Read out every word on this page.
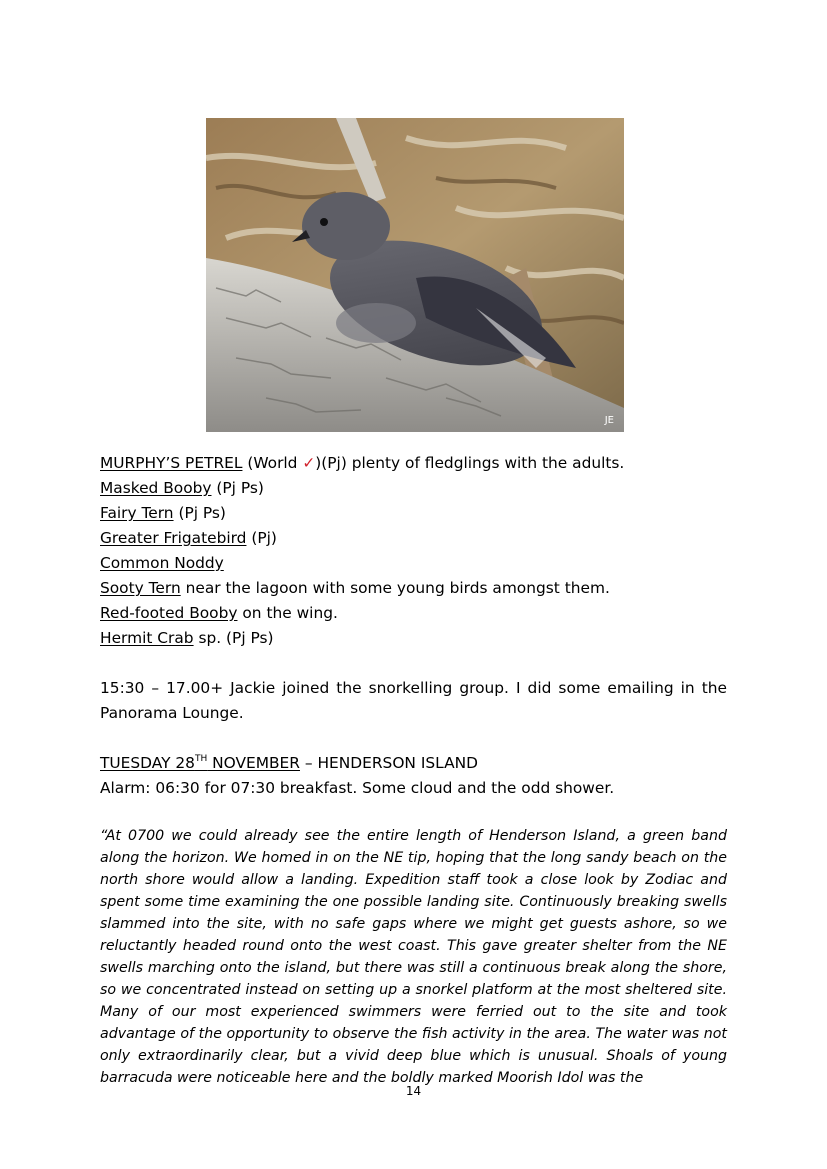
JE
MURPHY’S PETREL (World ✓)(Pj) plenty of fledglings with the adults.
Masked Booby (Pj Ps)
Fairy Tern (Pj Ps)
Greater Frigatebird (Pj)
Common Noddy
Sooty Tern near the lagoon with some young birds amongst them.
Red-footed Booby on the wing.
Hermit Crab sp. (Pj Ps)
15:30 – 17.00+ Jackie joined the snorkelling group. I did some emailing in the Panorama Lounge.
TUESDAY 28TH NOVEMBER – HENDERSON ISLAND
Alarm: 06:30 for 07:30 breakfast. Some cloud and the odd shower.
“At 0700 we could already see the entire length of Henderson Island, a green band along the horizon. We homed in on the NE tip, hoping that the long sandy beach on the north shore would allow a landing. Expedition staff took a close look by Zodiac and spent some time examining the one possible landing site. Continuously breaking swells slammed into the site, with no safe gaps where we might get guests ashore, so we reluctantly headed round onto the west coast. This gave greater shelter from the NE swells marching onto the island, but there was still a continuous break along the shore, so we concentrated instead on setting up a snorkel platform at the most sheltered site. Many of our most experienced swimmers were ferried out to the site and took advantage of the opportunity to observe the fish activity in the area. The water was not only extraordinarily clear, but a vivid deep blue which is unusual. Shoals of young barracuda were noticeable here and the boldly marked Moorish Idol was the
14
